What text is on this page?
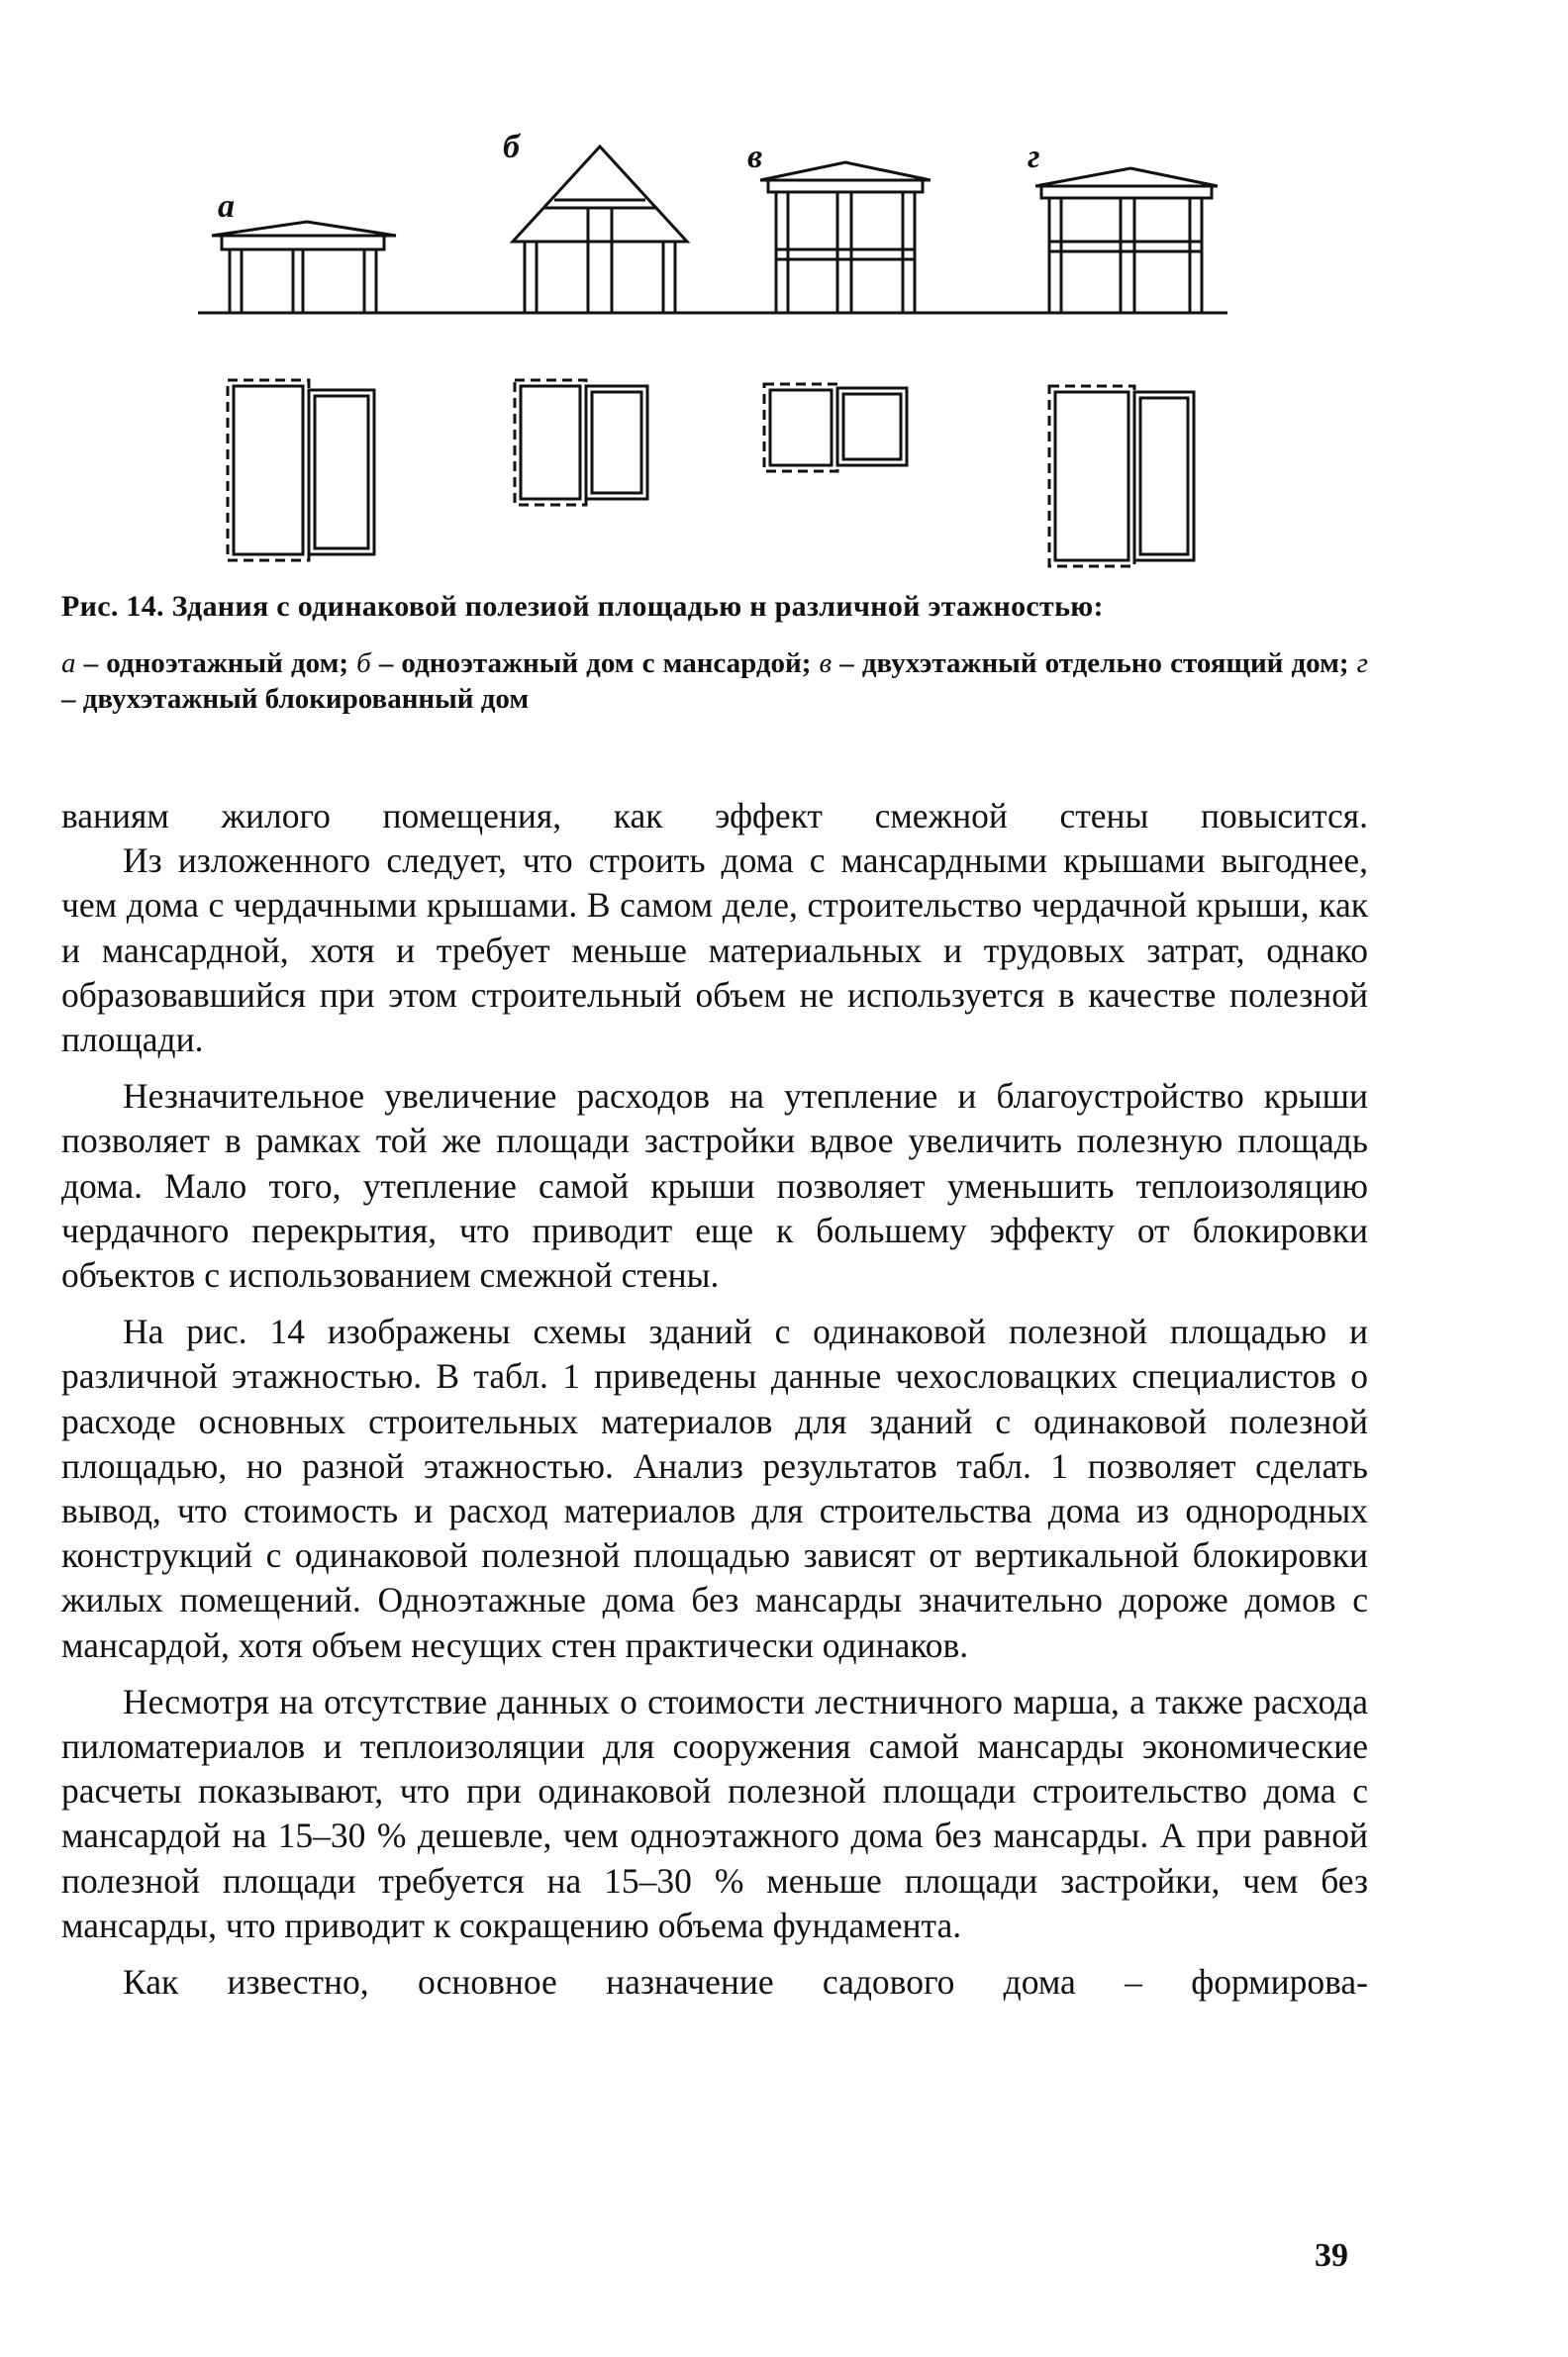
а
б	в	г
Рис. 14. Здания с одинаковой полезиой площадью н различной этажностью:
а – одноэтажный дом; б – одноэтажный дом с мансардой; в – двухэтажный отдельно стоящий дом; г – двухэтажный блокированный дом

ваниям жилого помещения, как эффект смежной стены повысится.

Из изложенного следует, что строить дома с мансардными крышами выгоднее, чем дома с чердачными крышами. В самом деле, строительство чердачной крыши, как и мансардной, хотя и требует меньше материальных и трудовых затрат, однако образовавшийся при этом строительный объем не используется в качестве полезной площади.

Незначительное увеличение расходов на утепление и благоустройство крыши позволяет в рамках той же площади застройки вдвое увеличить полезную площадь дома. Мало того, утепление самой крыши позволяет уменьшить теплоизоляцию чердачного перекрытия, что приводит еще к большему эффекту от блокировки объектов с использованием смежной стены.

На рис. 14 изображены схемы зданий с одинаковой полезной площадью и различной этажностью. В табл. 1 приведены данные чехословацких специалистов о расходе основных строительных материалов для зданий с одинаковой полезной площадью, но разной этажностью. Анализ результатов табл. 1 позволяет сделать вывод, что стоимость и расход материалов для строительства дома из однородных конструкций с одинаковой полезной площадью зависят от вертикальной блокировки жилых помещений. Одноэтажные дома без мансарды значительно дороже домов с мансардой, хотя объем несущих стен практически одинаков.

Несмотря на отсутствие данных о стоимости лестничного марша, а также расхода пиломатериалов и теплоизоляции для сооружения самой мансарды экономические расчеты показывают, что при одинаковой полезной площади строительство дома с мансардой на 15–30 % дешевле, чем одноэтажного дома без мансарды. А при равной полезной площади требуется на 15–30 % меньше площади застройки, чем без мансарды, что приводит к сокращению объема фундамента.

Как известно, основное назначение садового дома – формирова-

39
